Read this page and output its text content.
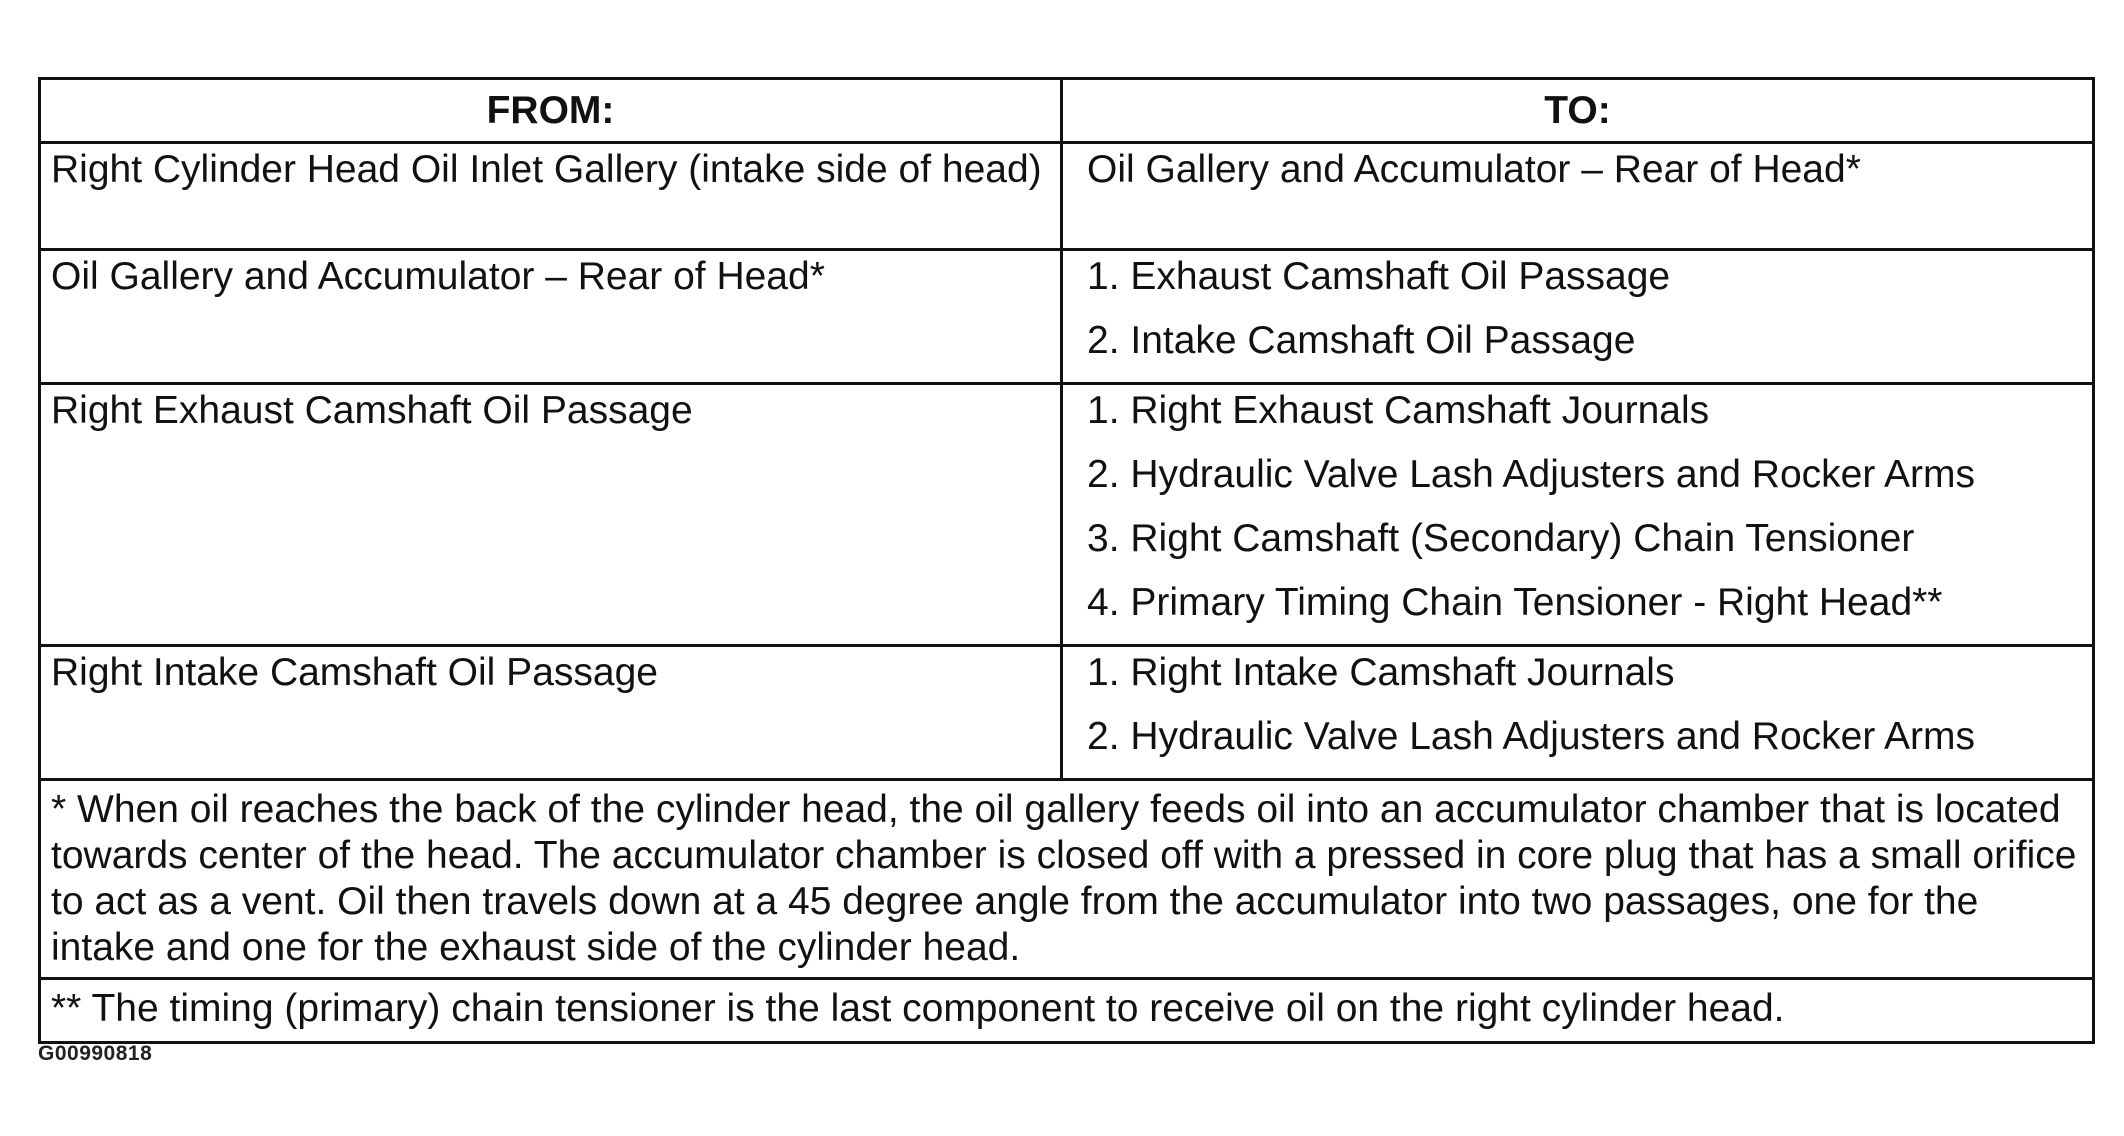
FROM:	TO:
Right Cylinder Head Oil Inlet Gallery (intake side of head)	Oil Gallery and Accumulator – Rear of Head*

Oil Gallery and Accumulator – Rear of Head*	1. Exhaust Camshaft Oil Passage
2. Intake Camshaft Oil Passage

Right Exhaust Camshaft Oil Passage	1. Right Exhaust Camshaft Journals
2. Hydraulic Valve Lash Adjusters and Rocker Arms
3. Right Camshaft (Secondary) Chain Tensioner
4. Primary Timing Chain Tensioner - Right Head**

Right Intake Camshaft Oil Passage	1. Right Intake Camshaft Journals
2. Hydraulic Valve Lash Adjusters and Rocker Arms

* When oil reaches the back of the cylinder head, the oil gallery feeds oil into an accumulator chamber that is located towards center of the head. The accumulator chamber is closed off with a pressed in core plug that has a small orifice to act as a vent. Oil then travels down at a 45 degree angle from the accumulator into two passages, one for the intake and one for the exhaust side of the cylinder head.	
** The timing (primary) chain tensioner is the last component to receive oil on the right cylinder head.	
G00990818
